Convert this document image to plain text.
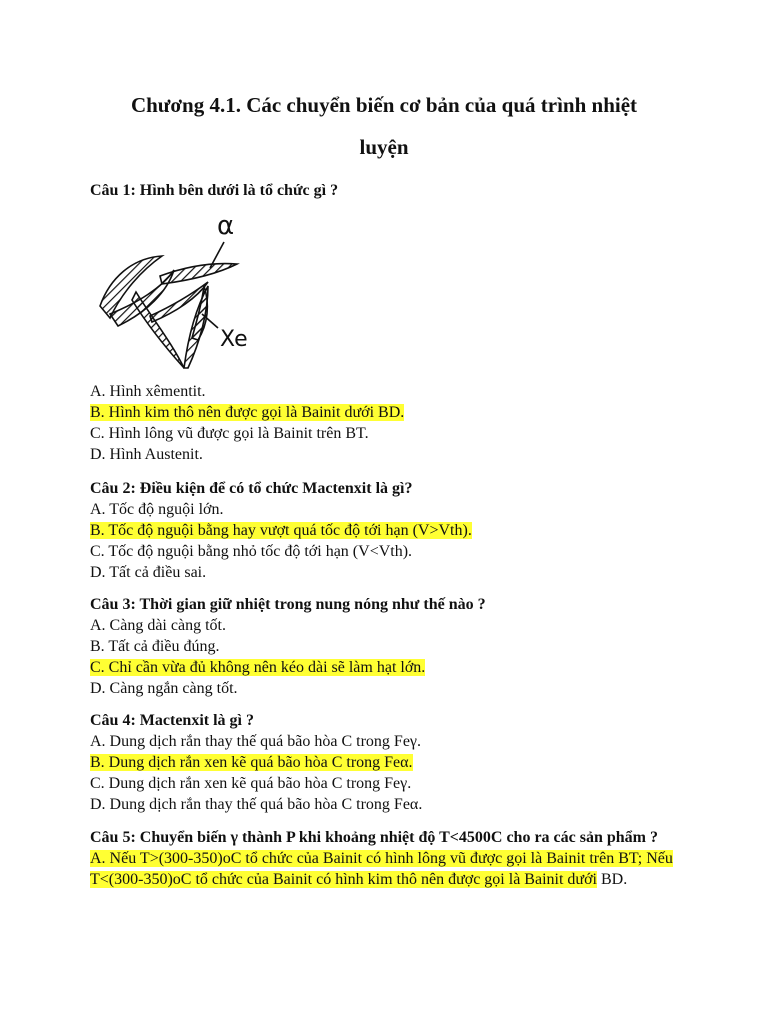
Chương 4.1. Các chuyển biến cơ bản của quá trình nhiệt
luyện
Câu 1: Hình bên dưới là tổ chức gì ?
α
Xe
A. Hình xêmentit.
B. Hình kim thô nên được gọi là Bainit dưới BD.
C. Hình lông vũ được gọi là Bainit trên BT.
D. Hình Austenit.
Câu 2: Điều kiện để có tổ chức Mactenxit là gì?
A. Tốc độ nguội lớn.
B. Tốc độ nguội bằng hay vượt quá tốc độ tới hạn (V>Vth).
C. Tốc độ nguội bằng nhỏ tốc độ tới hạn (V<Vth).
D. Tất cả điều sai.
Câu 3: Thời gian giữ nhiệt trong nung nóng như thế nào ?
A. Càng dài càng tốt.
B. Tất cả điều đúng.
C. Chỉ cần vừa đủ không nên kéo dài sẽ làm hạt lớn.
D. Càng ngắn càng tốt.
Câu 4: Mactenxit là gì ?
A. Dung dịch rắn thay thế quá bão hòa C trong Feγ.
B. Dung dịch rắn xen kẽ quá bão hòa C trong Feα.
C. Dung dịch rắn xen kẽ quá bão hòa C trong Feγ.
D. Dung dịch rắn thay thế quá bão hòa C trong Feα.
Câu 5: Chuyển biến γ thành P khi khoảng nhiệt độ T<4500C cho ra các sản phẩm ?
A. Nếu T>(300-350)oC tổ chức của Bainit có hình lông vũ được gọi là Bainit trên BT; Nếu T<(300-350)oC tổ chức của Bainit có hình kim thô nên được gọi là Bainit dưới BD.
